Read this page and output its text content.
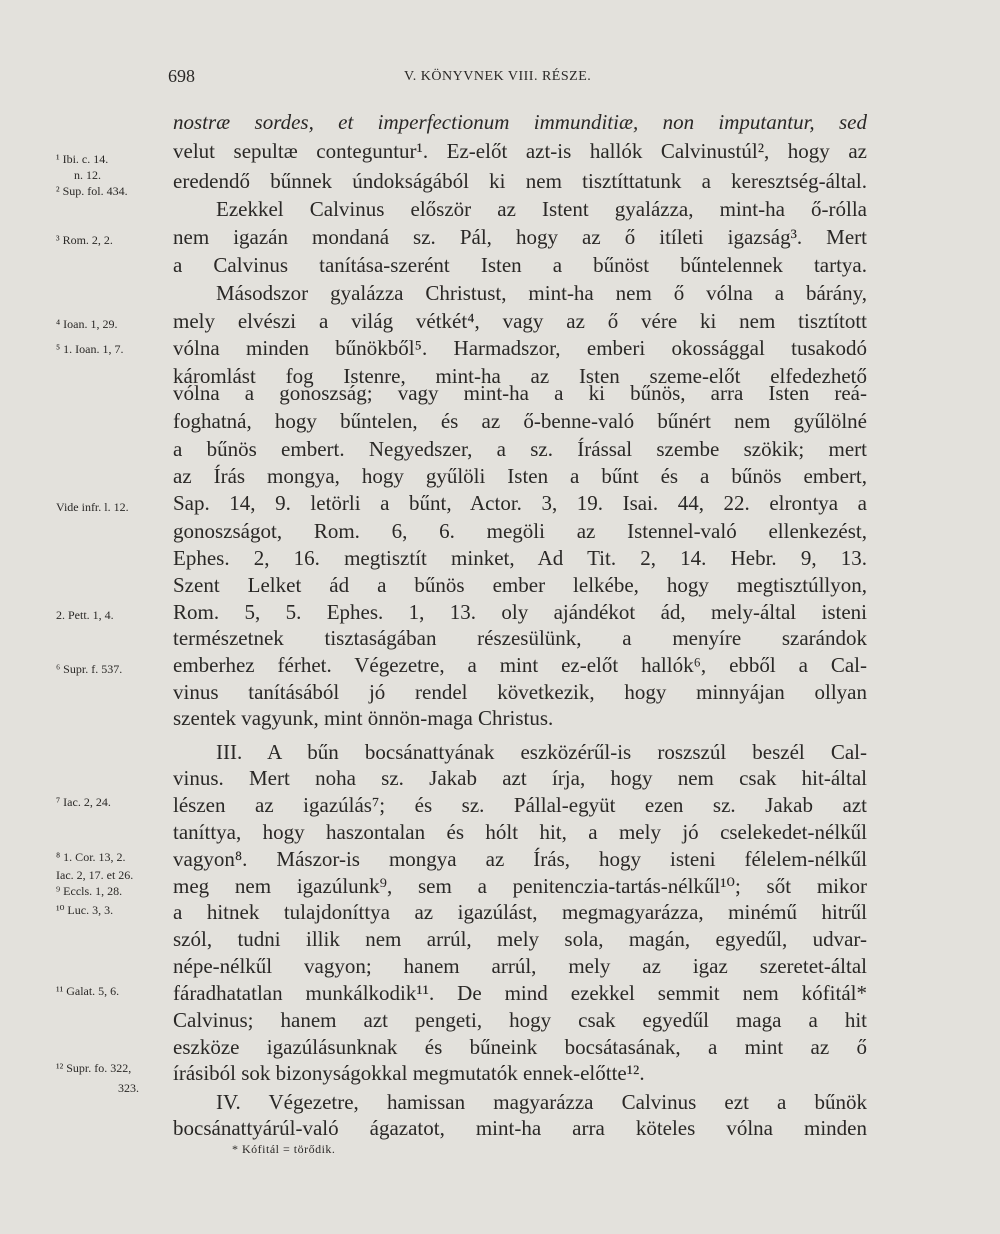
698	V. KÖNYVNEK VIII. RÉSZE.
nostræ sordes, et imperfectionum immunditiæ, non imputantur, sed
velut sepultæ conteguntur¹. Ez-előt azt-is hallók Calvinustúl², hogy az
eredendő bűnnek úndokságából ki nem tisztíttatunk a keresztség-által.
Ezekkel Calvinus először az Istent gyalázza, mint-ha ő-rólla
nem igazán mondaná sz. Pál, hogy az ő itíleti igazság³. Mert
a Calvinus tanítása-szerént Isten a bűnöst bűntelennek tartya.
Másodszor gyalázza Christust, mint-ha nem ő vólna a bárány,
mely elvészi a világ vétkét⁴, vagy az ő vére ki nem tisztított
vólna minden bűnökből⁵. Harmadszor, emberi okossággal tusakodó
káromlást fog Istenre, mint-ha az Isten szeme-előt elfedezhető
vólna a gonoszság; vagy mint-ha a ki bűnös, arra Isten reá-
foghatná, hogy bűntelen, és az ő-benne-való bűnért nem gyűlölné
a bűnös embert. Negyedszer, a sz. Írással szembe szökik; mert
az Írás mongya, hogy gyűlöli Isten a bűnt és a bűnös embert,
Sap. 14, 9. letörli a bűnt, Actor. 3, 19. Isai. 44, 22. elrontya a
gonoszságot, Rom. 6, 6. megöli az Istennel-való ellenkezést,
Ephes. 2, 16. megtisztít minket, Ad Tit. 2, 14. Hebr. 9, 13.
Szent Lelket ád a bűnös ember lelkébe, hogy megtisztúllyon,
Rom. 5, 5. Ephes. 1, 13. oly ajándékot ád, mely-által isteni
természetnek tisztaságában részesülünk, a menyíre szarándok
emberhez férhet. Végezetre, a mint ez-előt hallók⁶, ebből a Cal-
vinus tanításából jó rendel következik, hogy minnyájan ollyan
szentek vagyunk, mint önnön-maga Christus.
III. A bűn bocsánattyának eszközérűl-is roszszúl beszél Cal-
vinus. Mert noha sz. Jakab azt írja, hogy nem csak hit-által
lészen az igazúlás⁷; és sz. Pállal-együt ezen sz. Jakab azt
taníttya, hogy haszontalan és hólt hit, a mely jó cselekedet-nélkűl
vagyon⁸. Mászor-is mongya az Írás, hogy isteni félelem-nélkűl
meg nem igazúlunk⁹, sem a penitenczia-tartás-nélkűl¹⁰; sőt mikor
a hitnek tulajdoníttya az igazúlást, megmagyarázza, minémű hitrűl
szól, tudni illik nem arrúl, mely sola, magán, egyedűl, udvar-
népe-nélkűl vagyon; hanem arrúl, mely az igaz szeretet-által
fáradhatatlan munkálkodik¹¹. De mind ezekkel semmit nem kófitál*
Calvinus; hanem azt pengeti, hogy csak egyedűl maga a hit
eszköze igazúlásunknak és bűneink bocsátasának, a mint az ő
írásiból sok bizonyságokkal megmutatók ennek-előtte¹².
IV. Végezetre, hamissan magyarázza Calvinus ezt a bűnök
bocsánattyárúl-való ágazatot, mint-ha arra köteles vólna minden
¹ Ibi. c. 14.
n. 12.
² Sup. fol. 434.
³ Rom. 2, 2.
⁴ Ioan. 1, 29.
⁵ 1. Ioan. 1, 7.
Vide infr. l. 12.
2. Pett. 1, 4.
⁶ Supr. f. 537.
⁷ Iac. 2, 24.
⁸ 1. Cor. 13, 2.
Iac. 2, 17. et 26.
⁹ Eccls. 1, 28.
¹⁰ Luc. 3, 3.
¹¹ Galat. 5, 6.
¹² Supr. fo. 322,
323.
* Kófitál = törődik.
